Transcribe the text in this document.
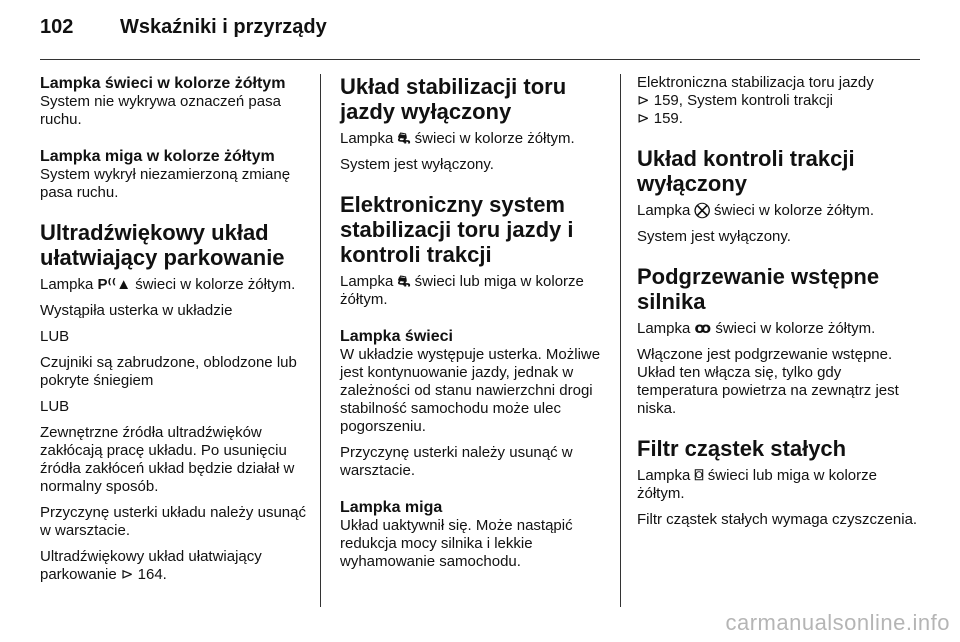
102	Wskaźniki i przyrządy
Lampka świeci w kolorze żółtym

System nie wykrywa oznaczeń pasa ruchu.

Lampka miga w kolorze żółtym

System wykrył niezamierzoną zmianę pasa ruchu.

Ultradźwiękowy układ ułatwiający parkowanie

Lampka P⁽⁽▲ świeci w kolorze żółtym.

Wystąpiła usterka w układzie

LUB

Czujniki są zabrudzone, oblodzone lub pokryte śniegiem

LUB

Zewnętrzne źródła ultradźwięków zakłócają pracę układu. Po usunięciu źródła zakłóceń układ będzie działał w normalny sposób.

Przyczynę usterki układu należy usunąć w warsztacie.

Ultradźwiękowy układ ułatwiający parkowanie ⊳ 164.

Układ stabilizacji toru jazdy wyłączony

Lampka ⛐ świeci w kolorze żółtym.

System jest wyłączony.

Elektroniczny system stabilizacji toru jazdy i kontroli trakcji

Lampka ⛐ świeci lub miga w kolorze żółtym.

Lampka świeci

W układzie występuje usterka. Możliwe jest kontynuowanie jazdy, jednak w zależności od stanu nawierzchni drogi stabilność samochodu może ulec pogorszeniu.

Przyczynę usterki należy usunąć w warsztacie.

Lampka miga

Układ uaktywnił się. Może nastąpić redukcja mocy silnika i lekkie wyhamowanie samochodu.

Elektroniczna stabilizacja toru jazdy
⊳ 159, System kontroli trakcji
⊳ 159.

Układ kontroli trakcji wyłączony

Lampka ⛒ świeci w kolorze żółtym.

System jest wyłączony.

Podgrzewanie wstępne silnika

Lampka ꝏ świeci w kolorze żółtym.

Włączone jest podgrzewanie wstępne. Układ ten włącza się, tylko gdy temperatura powietrza na zewnątrz jest niska.

Filtr cząstek stałych

Lampka ⌼ świeci lub miga w kolorze żółtym.

Filtr cząstek stałych wymaga czyszczenia.

carmanualsonline.info
